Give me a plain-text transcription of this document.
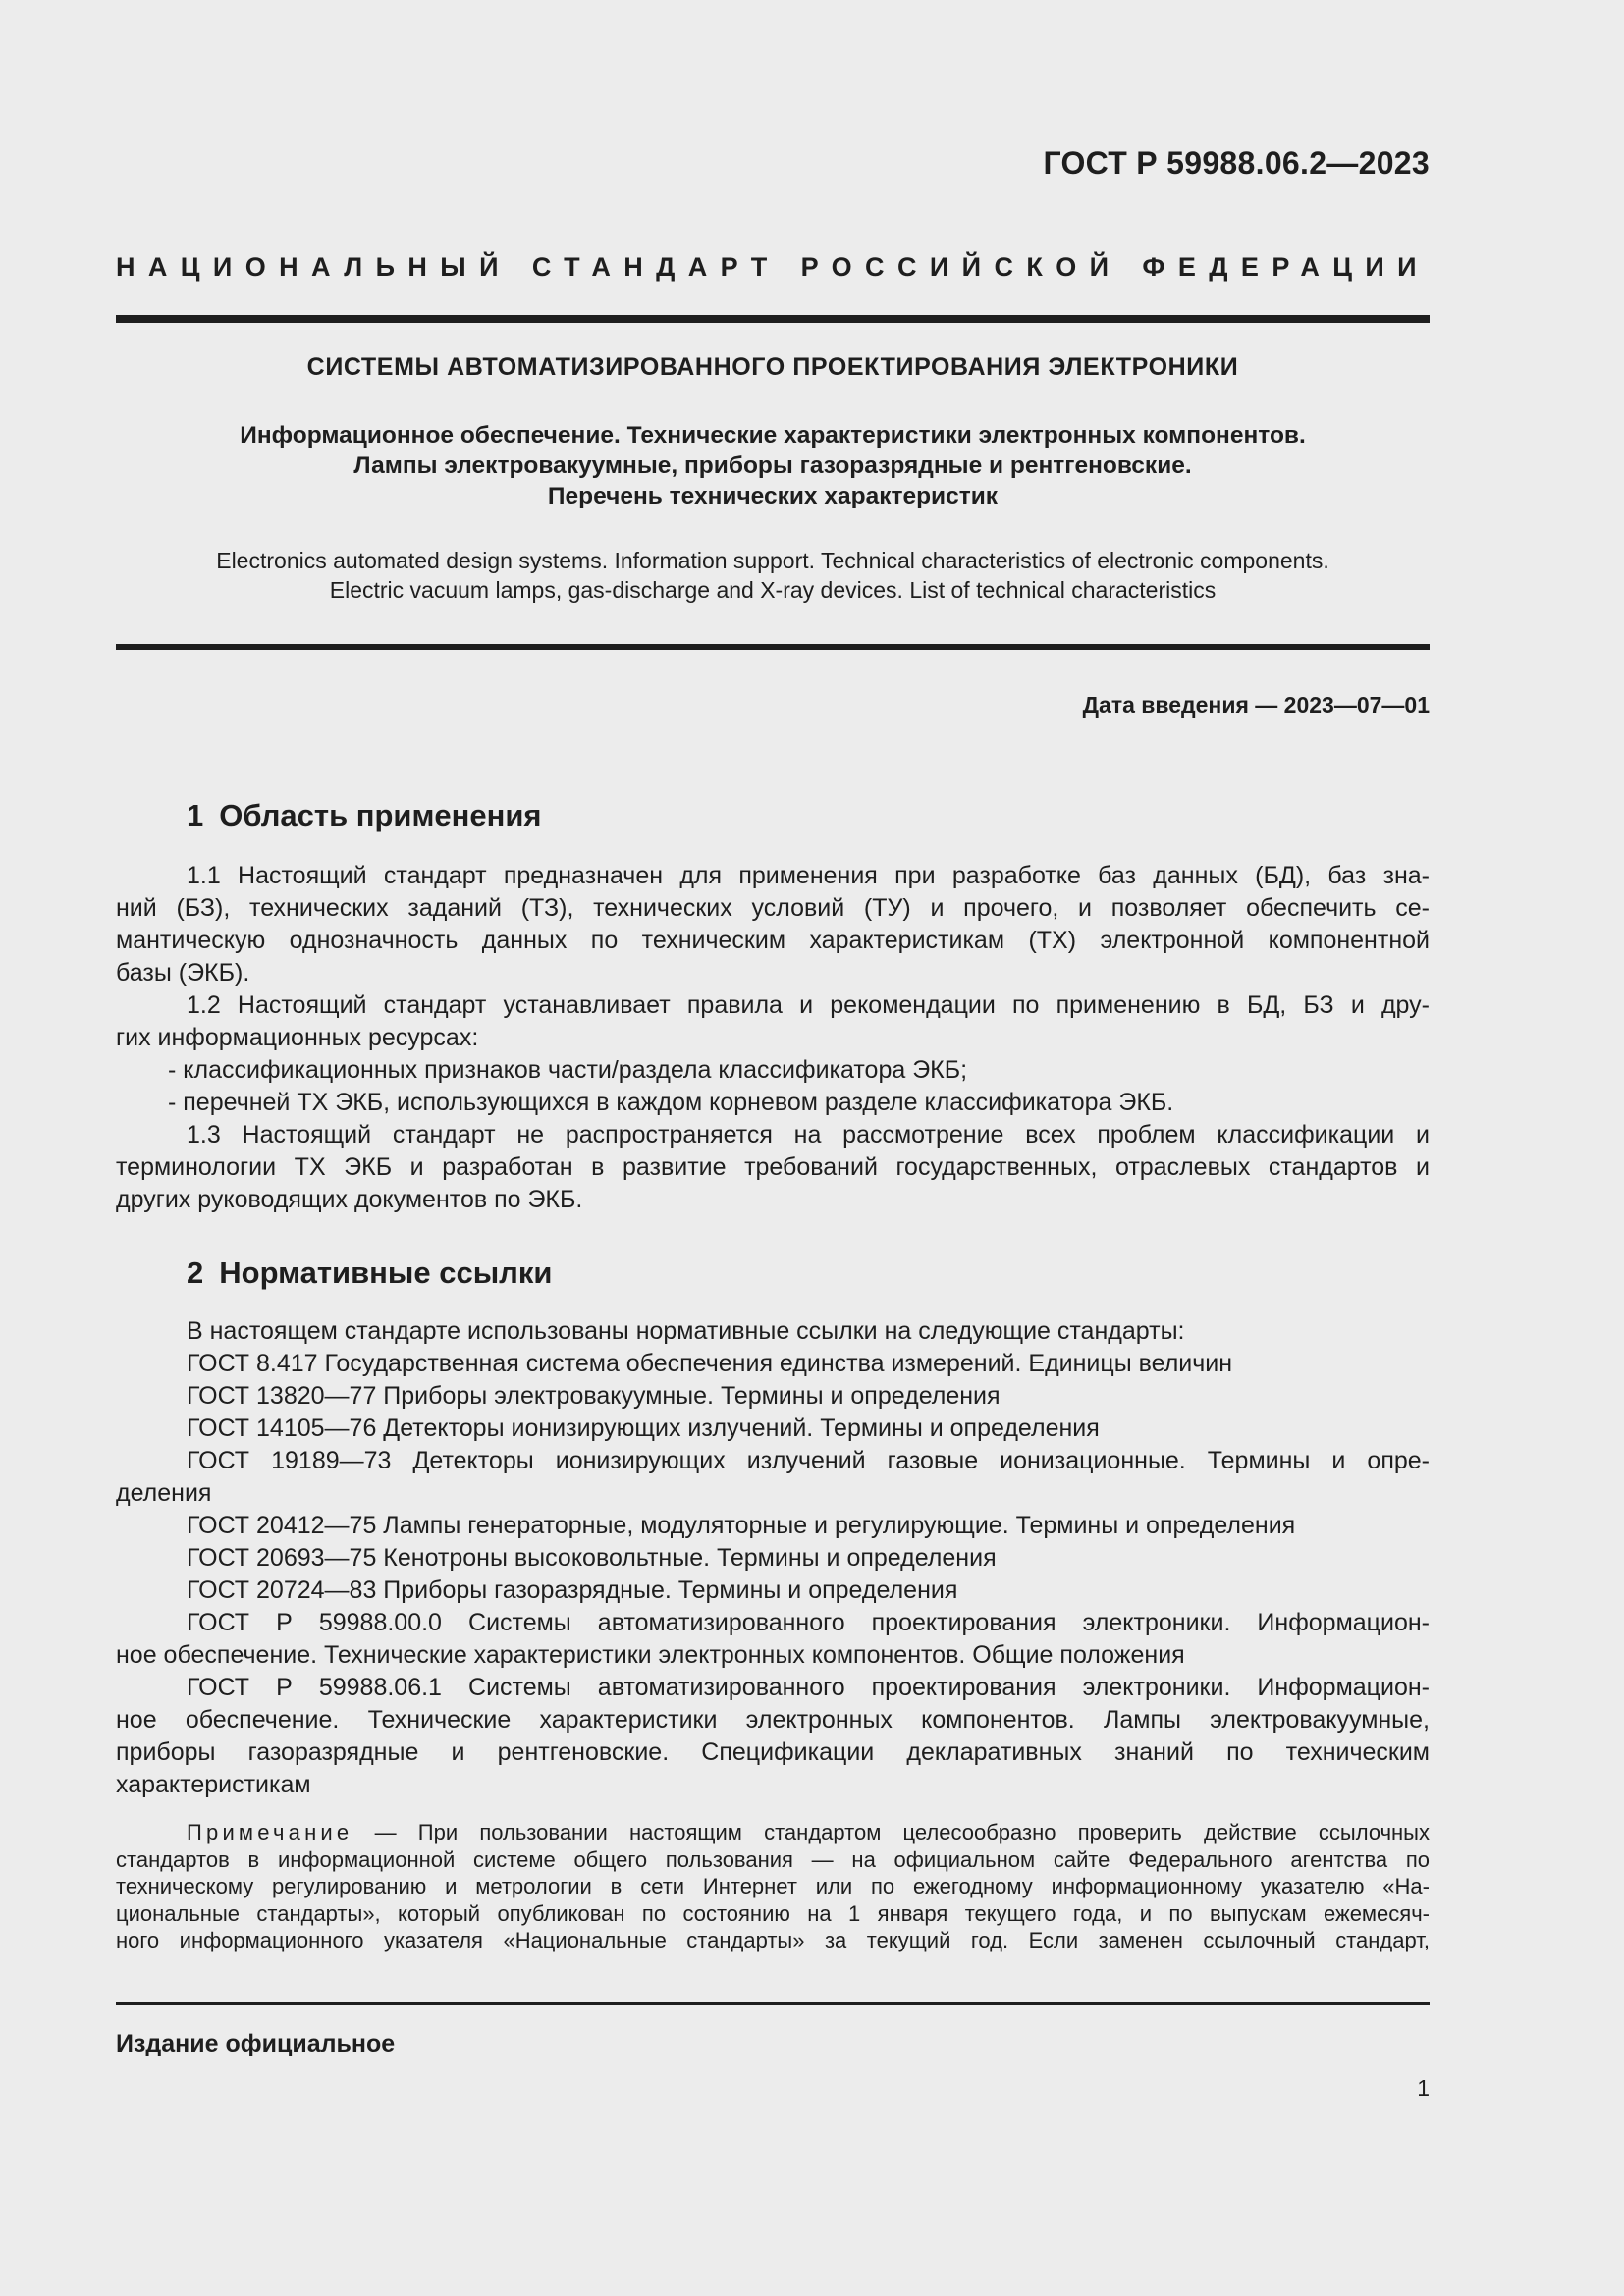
ГОСТ Р 59988.06.2—2023
НАЦИОНАЛЬНЫЙ СТАНДАРТ РОССИЙСКОЙ ФЕДЕРАЦИИ
СИСТЕМЫ АВТОМАТИЗИРОВАННОГО ПРОЕКТИРОВАНИЯ ЭЛЕКТРОНИКИ
Информационное обеспечение. Технические характеристики электронных компонентов.
Лампы электровакуумные, приборы газоразрядные и рентгеновские.
Перечень технических характеристик
Electronics automated design systems. Information support. Technical characteristics of electronic components.
Electric vacuum lamps, gas-discharge and X-ray devices. List of technical characteristics
Дата введения — 2023—07—01
1 Область применения
1.1 Настоящий стандарт предназначен для применения при разработке баз данных (БД), баз зна-
ний (БЗ), технических заданий (ТЗ), технических условий (ТУ) и прочего, и позволяет обеспечить се-
мантическую однозначность данных по техническим характеристикам (ТХ) электронной компонентной
базы (ЭКБ).
1.2 Настоящий стандарт устанавливает правила и рекомендации по применению в БД, БЗ и дру-
гих информационных ресурсах:
- классификационных признаков части/раздела классификатора ЭКБ;
- перечней ТХ ЭКБ, использующихся в каждом корневом разделе классификатора ЭКБ.
1.3 Настоящий стандарт не распространяется на рассмотрение всех проблем классификации и
терминологии ТХ ЭКБ и разработан в развитие требований государственных, отраслевых стандартов и
других руководящих документов по ЭКБ.
2 Нормативные ссылки
В настоящем стандарте использованы нормативные ссылки на следующие стандарты:
ГОСТ 8.417 Государственная система обеспечения единства измерений. Единицы величин
ГОСТ 13820—77 Приборы электровакуумные. Термины и определения
ГОСТ 14105—76 Детекторы ионизирующих излучений. Термины и определения
ГОСТ 19189—73 Детекторы ионизирующих излучений газовые ионизационные. Термины и опре-
деления
ГОСТ 20412—75 Лампы генераторные, модуляторные и регулирующие. Термины и определения
ГОСТ 20693—75 Кенотроны высоковольтные. Термины и определения
ГОСТ 20724—83 Приборы газоразрядные. Термины и определения
ГОСТ Р 59988.00.0 Системы автоматизированного проектирования электроники. Информацион-
ное обеспечение. Технические характеристики электронных компонентов. Общие положения
ГОСТ Р 59988.06.1 Системы автоматизированного проектирования электроники. Информацион-
ное обеспечение. Технические характеристики электронных компонентов. Лампы электровакуумные,
приборы газоразрядные и рентгеновские. Спецификации декларативных знаний по техническим
характеристикам
Примечание — При пользовании настоящим стандартом целесообразно проверить действие ссылочных
стандартов в информационной системе общего пользования — на официальном сайте Федерального агентства по
техническому регулированию и метрологии в сети Интернет или по ежегодному информационному указателю «На-
циональные стандарты», который опубликован по состоянию на 1 января текущего года, и по выпускам ежемесяч-
ного информационного указателя «Национальные стандарты» за текущий год. Если заменен ссылочный стандарт,
Издание официальное
1
